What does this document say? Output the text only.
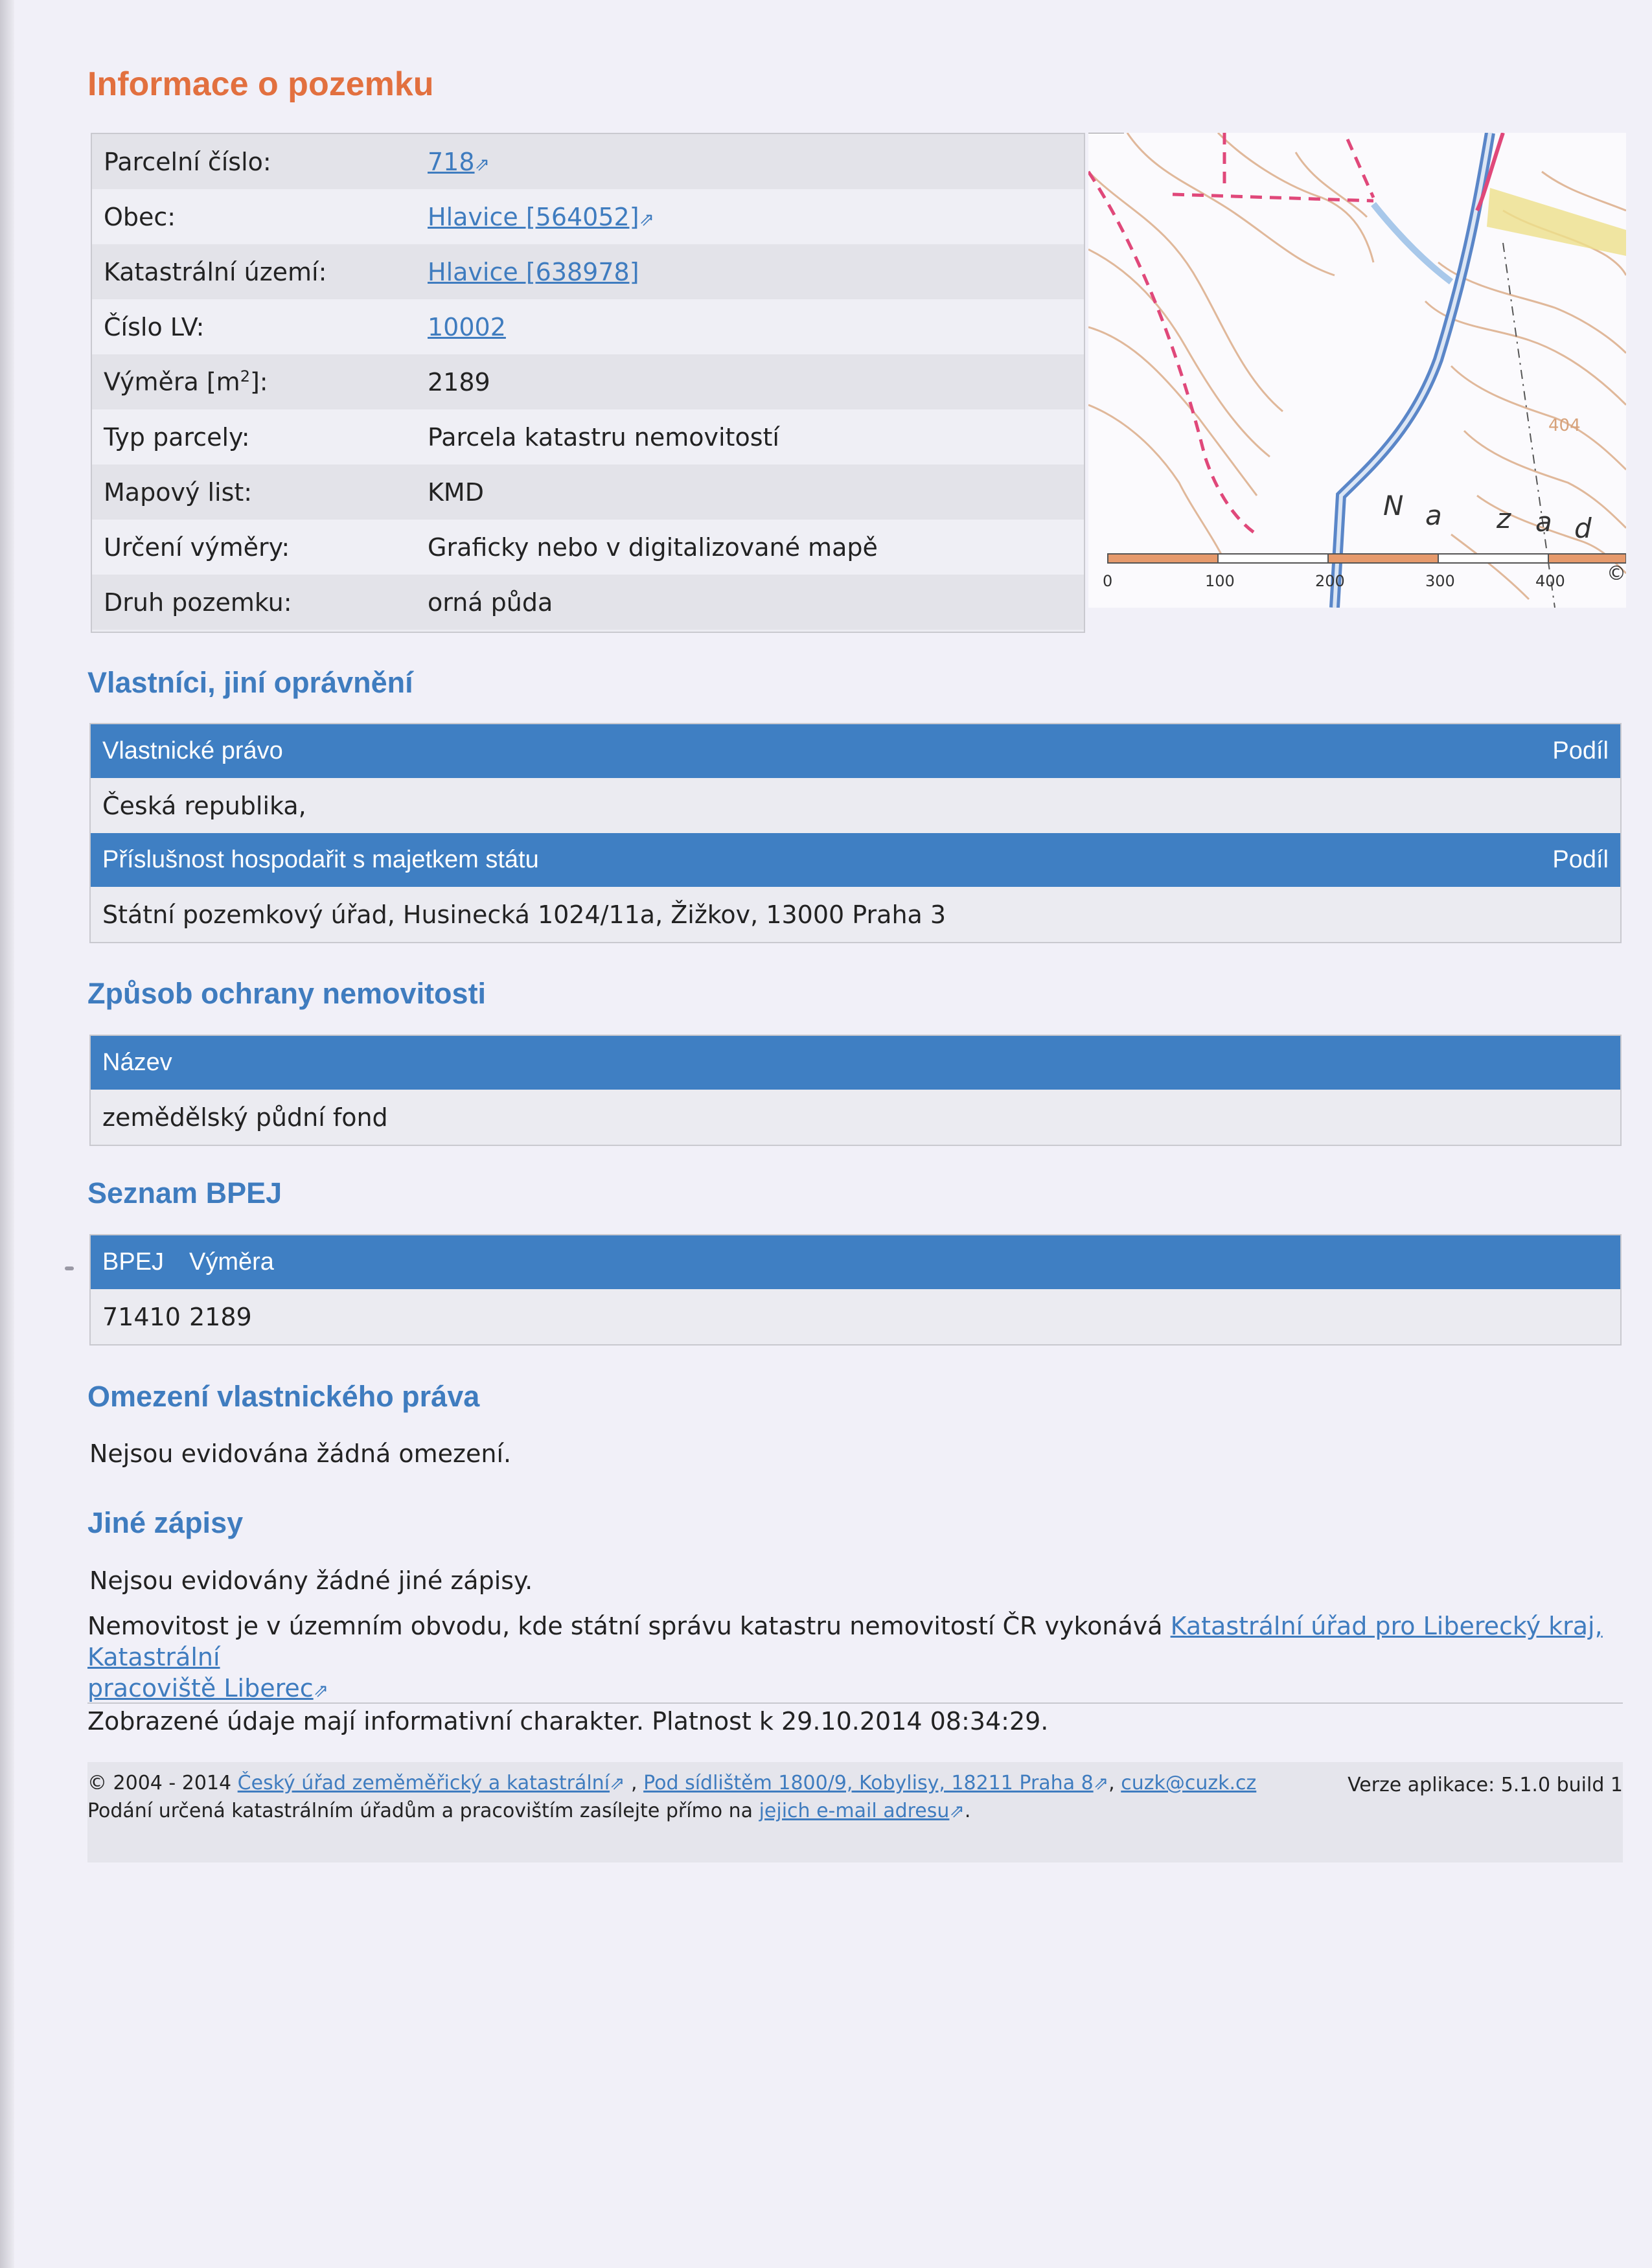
Informace o pozemku
Parcelní číslo:	718⇗
Obec:	Hlavice [564052]⇗
Katastrální území:	Hlavice [638978]
Číslo LV:	10002
Výměra $[m^2]$:	2189
Typ parcely:	Parcela katastru nemovitostí
Mapový list:	KMD
Určení výměry:	Graficky nebo v digitalizované mapě
Druh pozemku:	orná půda
N a z a d
404
0	100	200	300	400 ©
Vlastníci, jiní oprávnění
Vlastnické právo	Podíl
Česká republika,
Příslušnost hospodařit s majetkem státu	Podíl
Státní pozemkový úřad, Husinecká 1024/11a, Žižkov, 13000 Praha 3
Způsob ochrany nemovitosti
Název
zemědělský půdní fond
Seznam BPEJ
BPEJ	Výměra
71410 2189
Omezení vlastnického práva
Nejsou evidována žádná omezení.
Jiné zápisy
Nejsou evidovány žádné jiné zápisy.
Nemovitost je v územním obvodu, kde státní správu katastru nemovitostí ČR vykonává Katastrální úřad pro Liberecký kraj, Katastrální
pracoviště Liberec⇗
Zobrazené údaje mají informativní charakter. Platnost k 29.10.2014 08:34:29.
© 2004 - 2014 Český úřad zeměměřický a katastrální⇗ , Pod sídlištěm 1800/9, Kobylisy, 18211 Praha 8⇗, cuzk@cuzk.cz
Podání určená katastrálním úřadům a pracovištím zasílejte přímo na jejich e-mail adresu⇗.
Verze aplikace: 5.1.0 build 1
